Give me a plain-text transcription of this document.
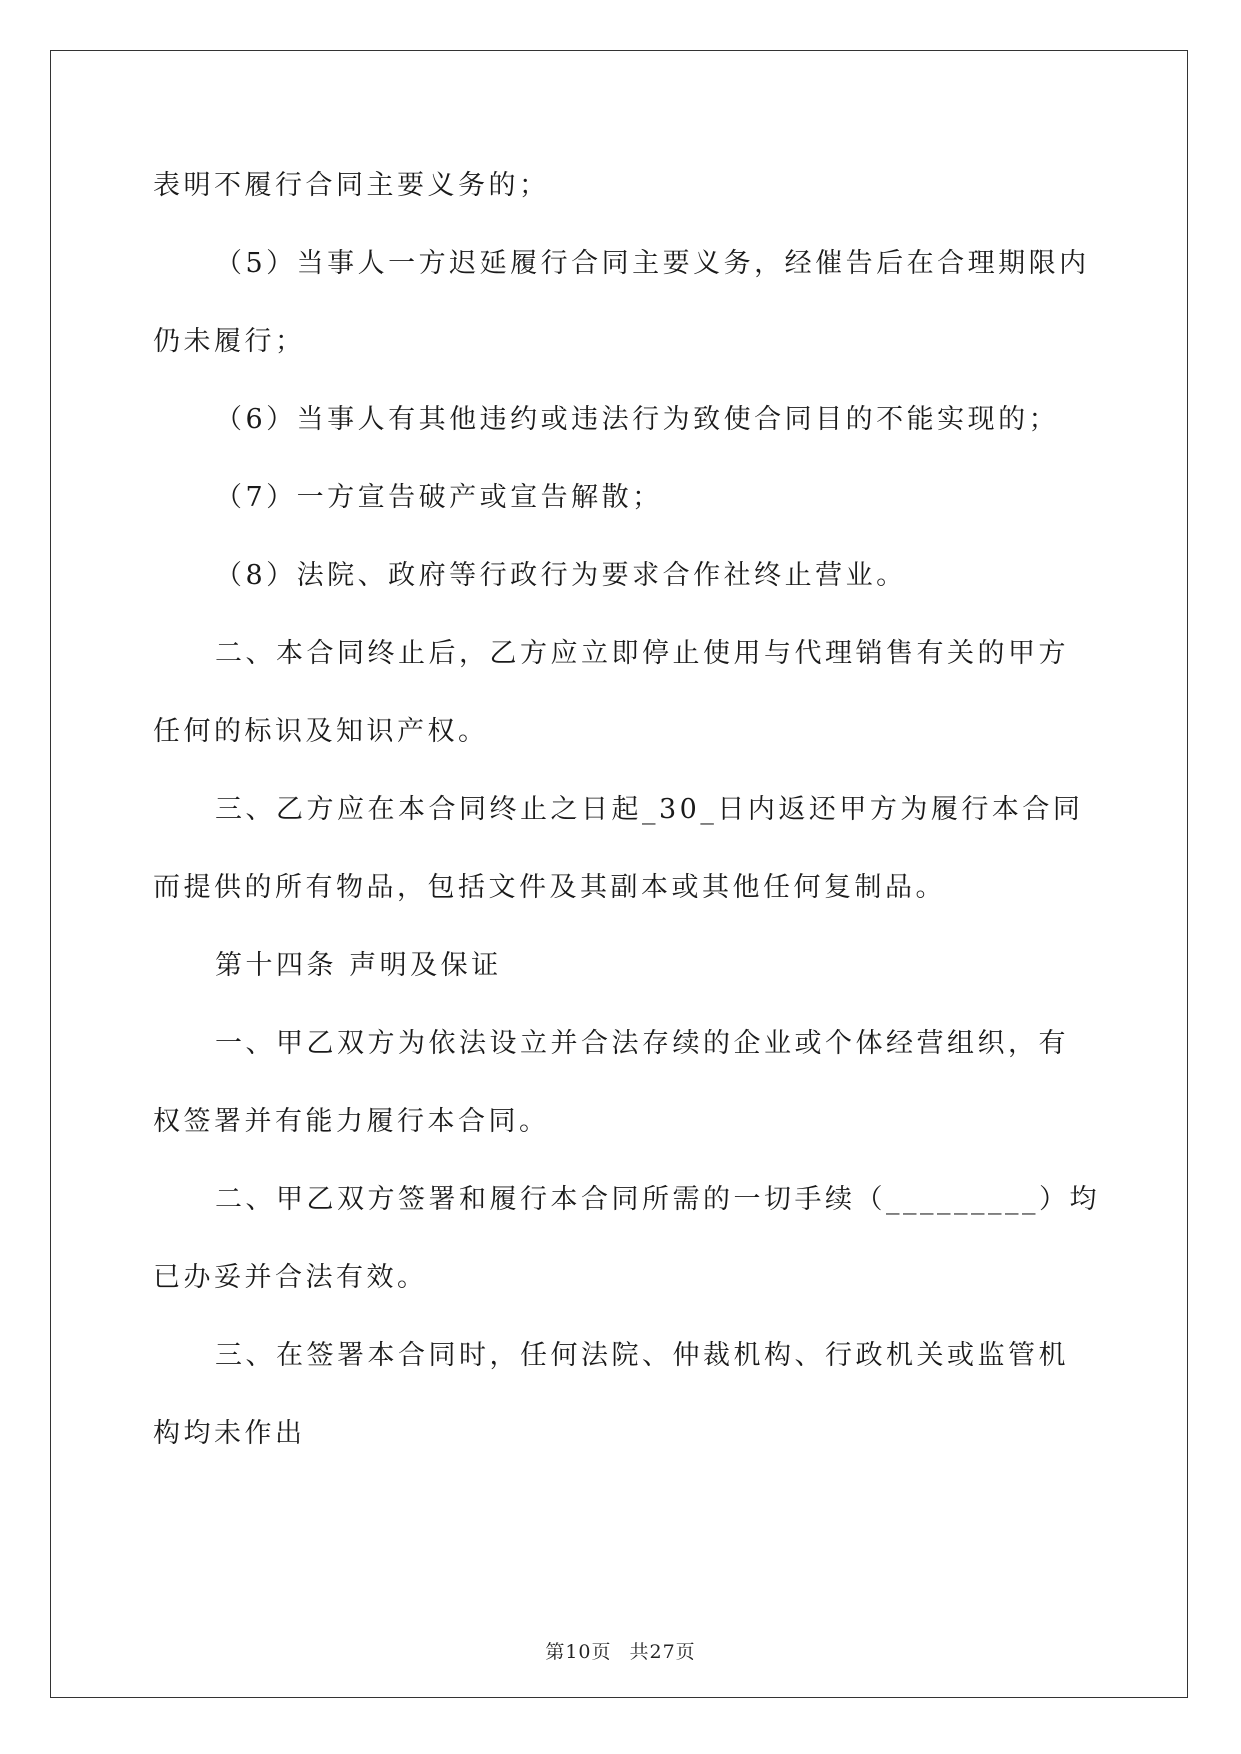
表明不履行合同主要义务的；
（5）当事人一方迟延履行合同主要义务，经催告后在合理期限内
仍未履行；
（6）当事人有其他违约或违法行为致使合同目的不能实现的；
（7）一方宣告破产或宣告解散；
（8）法院、政府等行政行为要求合作社终止营业。
二、本合同终止后，乙方应立即停止使用与代理销售有关的甲方
任何的标识及知识产权。
三、乙方应在本合同终止之日起_30_日内返还甲方为履行本合同
而提供的所有物品，包括文件及其副本或其他任何复制品。
第十四条 声明及保证
一、甲乙双方为依法设立并合法存续的企业或个体经营组织，有
权签署并有能力履行本合同。
二、甲乙双方签署和履行本合同所需的一切手续（_________）均
已办妥并合法有效。
三、在签署本合同时，任何法院、仲裁机构、行政机关或监管机
构均未作出
第10页 共27页
